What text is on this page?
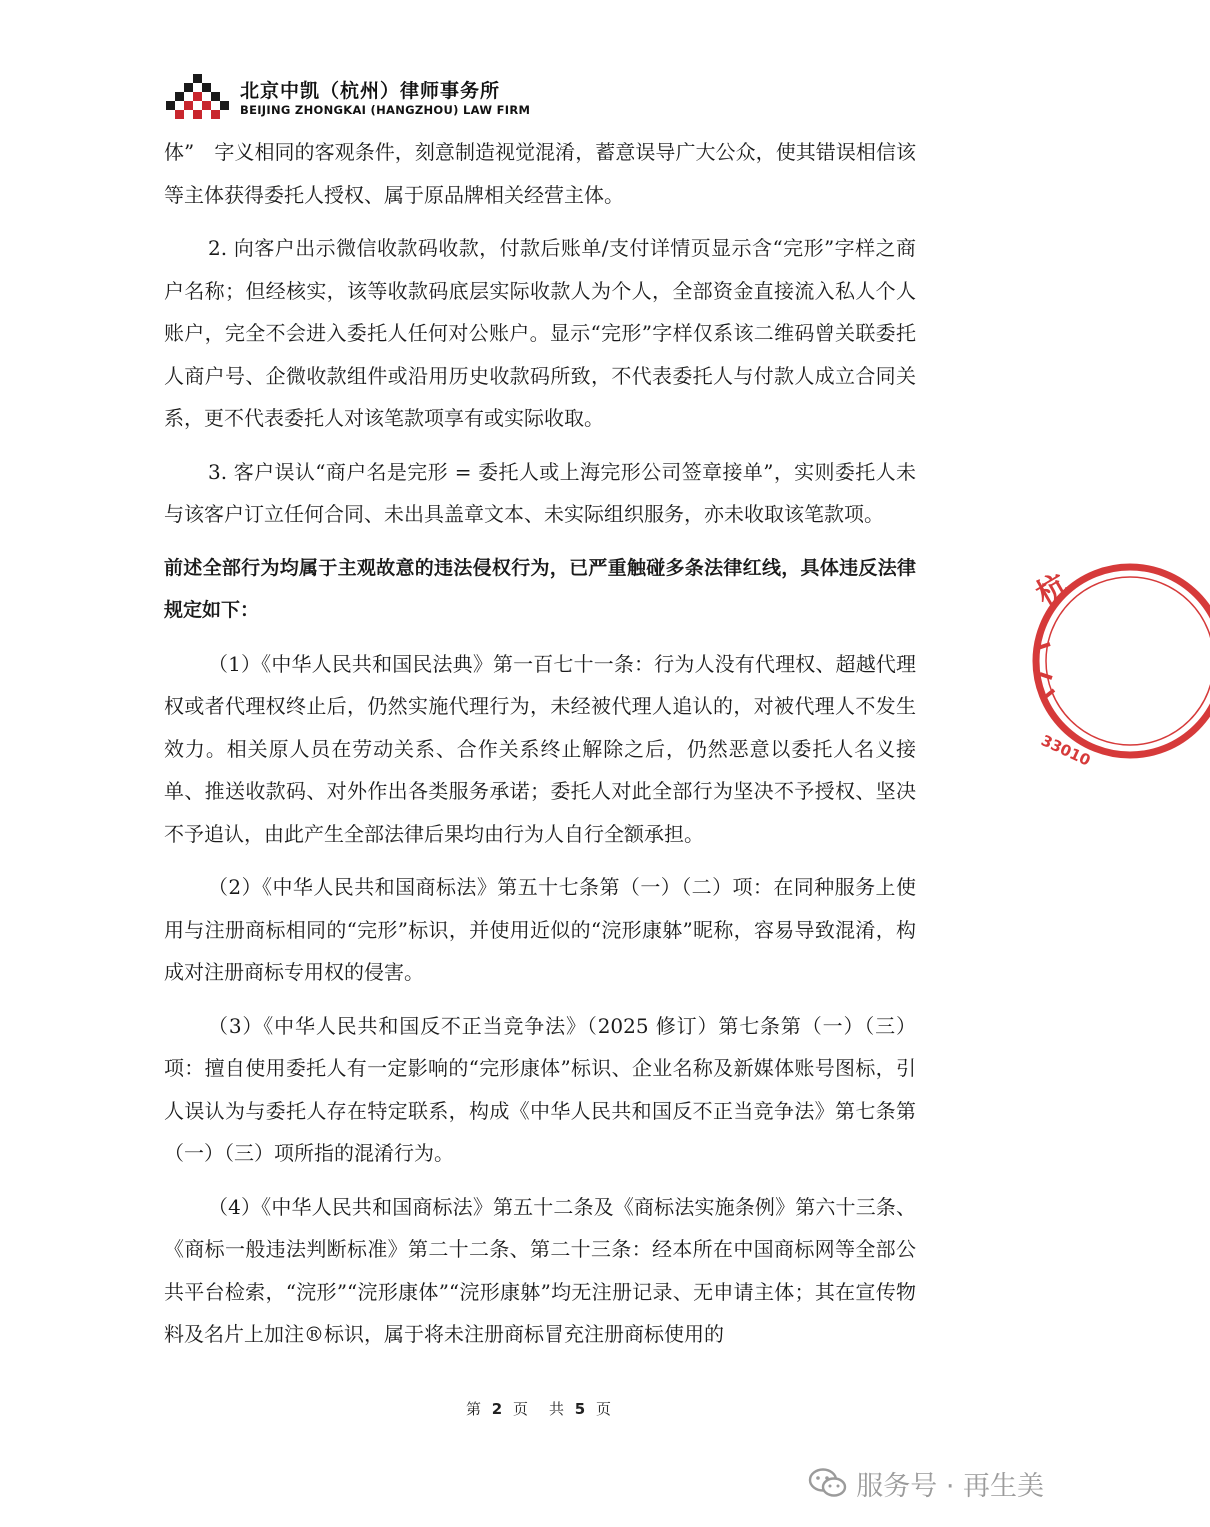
北京中凯（杭州）律师事务所
BEIJING ZHONGKAI (HANGZHOU) LAW FIRM

体”　字义相同的客观条件，刻意制造视觉混淆，蓄意误导广大公众，使其错误相信该等主体获得委托人授权、属于原品牌相关经营主体。

2. 向客户出示微信收款码收款，付款后账单/支付详情页显示含“完形”字样之商户名称；但经核实，该等收款码底层实际收款人为个人，全部资金直接流入私人个人账户，完全不会进入委托人任何对公账户。显示“完形”字样仅系该二维码曾关联委托人商户号、企微收款组件或沿用历史收款码所致，不代表委托人与付款人成立合同关系，更不代表委托人对该笔款项享有或实际收取。

3. 客户误认“商户名是完形 = 委托人或上海完形公司签章接单”，实则委托人未与该客户订立任何合同、未出具盖章文本、未实际组织服务，亦未收取该笔款项。

前述全部行为均属于主观故意的违法侵权行为，已严重触碰多条法律红线，具体违反法律规定如下：

（1）《中华人民共和国民法典》第一百七十一条：行为人没有代理权、超越代理权或者代理权终止后，仍然实施代理行为，未经被代理人追认的，对被代理人不发生效力。相关原人员在劳动关系、合作关系终止解除之后，仍然恶意以委托人名义接单、推送收款码、对外作出各类服务承诺；委托人对此全部行为坚决不予授权、坚决不予追认，由此产生全部法律后果均由行为人自行全额承担。

（2）《中华人民共和国商标法》第五十七条第（一）（二）项：在同种服务上使用与注册商标相同的“完形”标识，并使用近似的“浣形康躰”昵称，容易导致混淆，构成对注册商标专用权的侵害。

（3）《中华人民共和国反不正当竞争法》（2025 修订）第七条第（一）（三）项：擅自使用委托人有一定影响的“完形康体”标识、企业名称及新媒体账号图标，引人误认为与委托人存在特定联系，构成《中华人民共和国反不正当竞争法》第七条第（一）（三）项所指的混淆行为。

（4）《中华人民共和国商标法》第五十二条及《商标法实施条例》第六十三条、《商标一般违法判断标准》第二十二条、第二十三条：经本所在中国商标网等全部公共平台检索，“浣形”“浣形康体”“浣形康躰”均无注册记录、无申请主体；其在宣传物料及名片上加注®标识，属于将未注册商标冒充注册商标使用的

第 2 页　共 5 页
杭
33010
服务号 · 再生美
